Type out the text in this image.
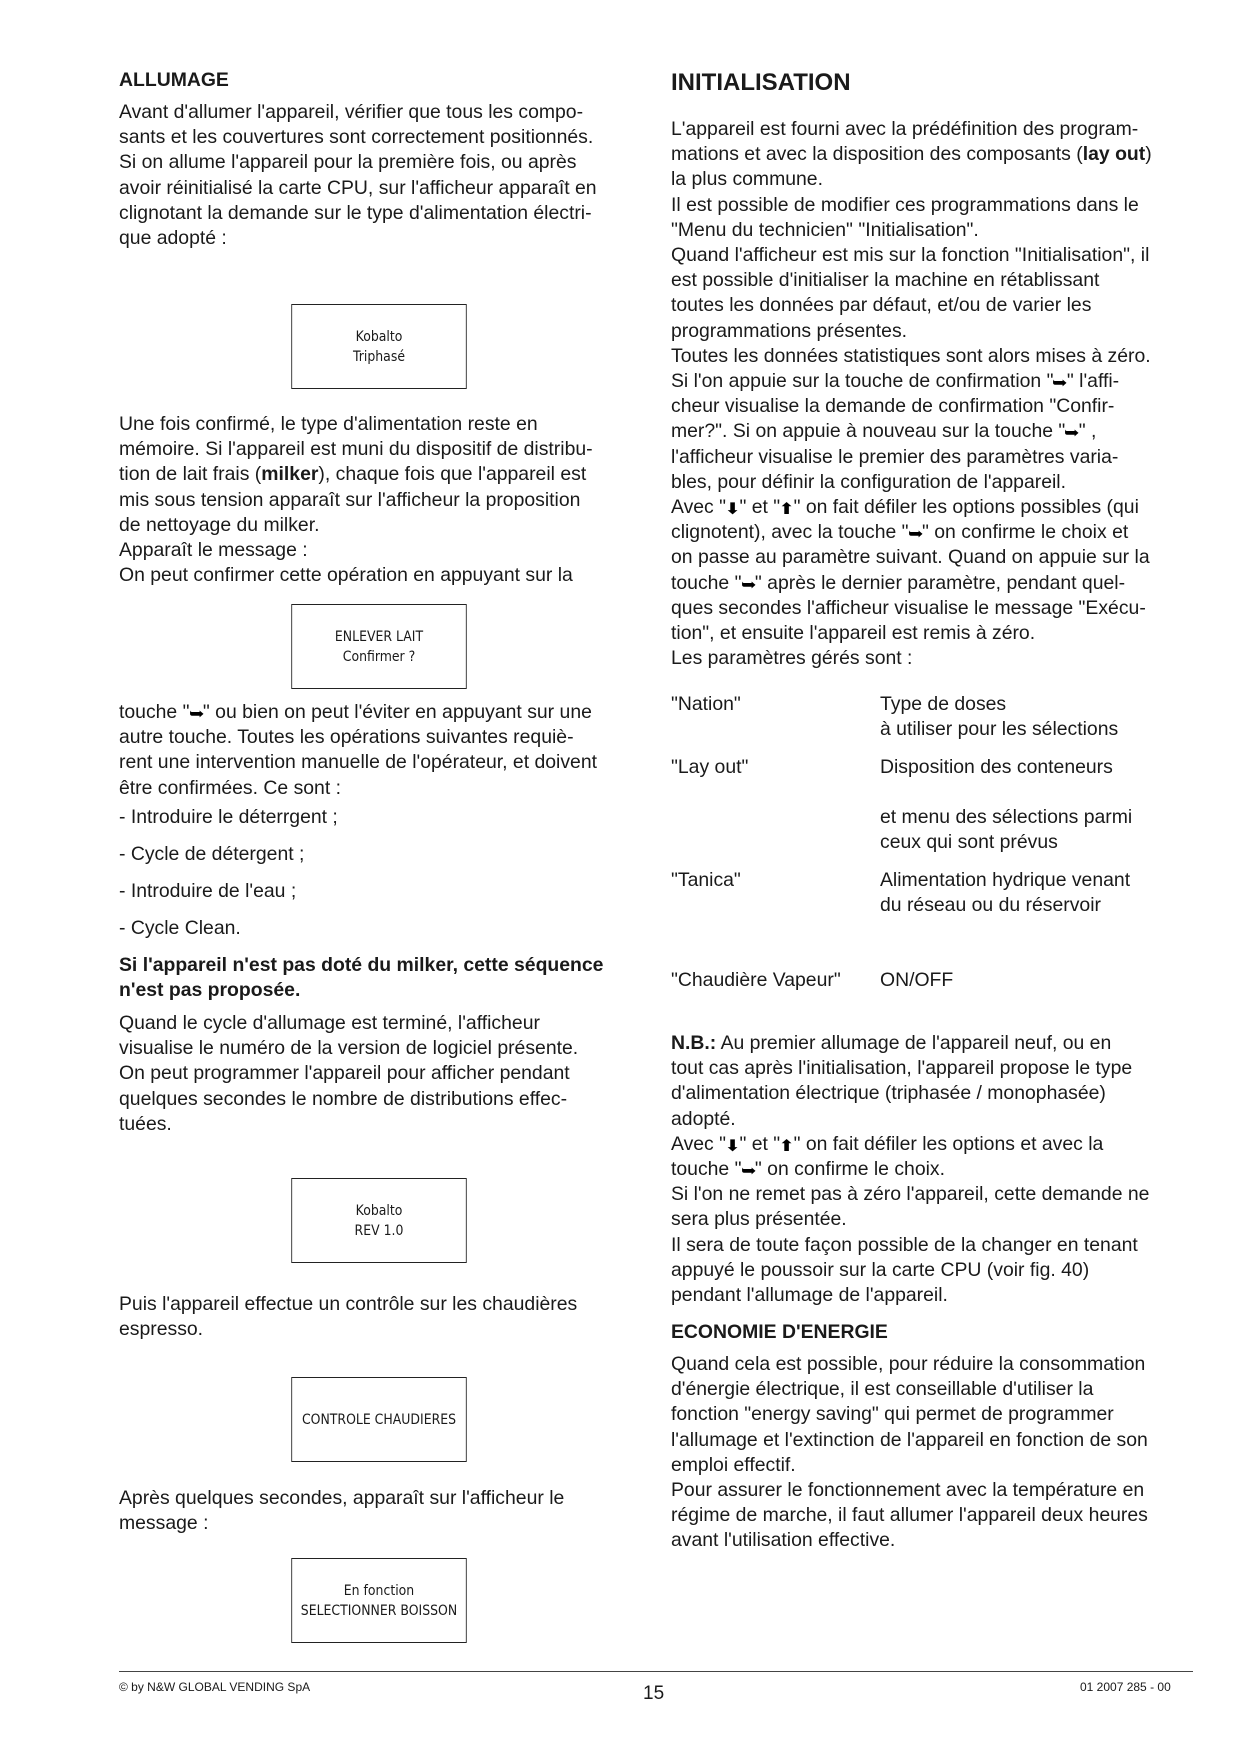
ALLUMAGE

Avant d'allumer l'appareil, vérifier que tous les compo-

sants et les couvertures sont correctement positionnés.

Si on allume l'appareil pour la première fois, ou après

avoir réinitialisé la carte CPU, sur l'afficheur apparaît en

clignotant la demande sur le type d'alimentation électri-

que adopté :

Kobalto
Triphasé

Une fois confirmé, le type d'alimentation reste en

mémoire. Si l'appareil est muni du dispositif de distribu-

tion de lait frais (milker), chaque fois que l'appareil est

mis sous tension apparaît sur l'afficheur la proposition

de nettoyage du milker.

Apparaît le message :

On peut confirmer cette opération en appuyant sur la

ENLEVER LAIT
Confirmer ?

touche "➥" ou bien on peut l'éviter en appuyant sur une

autre touche. Toutes les opérations suivantes requiè-

rent une intervention manuelle de l'opérateur, et doivent

être confirmées. Ce sont :

- Introduire le déterrgent ;

- Cycle de détergent ;

- Introduire de l'eau ;

- Cycle Clean.

Si l'appareil n'est pas doté du milker, cette séquence

n'est pas proposée.

Quand le cycle d'allumage est terminé, l'afficheur

visualise le numéro de la version de logiciel présente.

On peut programmer l'appareil pour afficher pendant

quelques secondes le nombre de distributions effec-

tuées.

Kobalto
REV 1.0

Puis l'appareil effectue un contrôle sur les chaudières

espresso.

CONTROLE CHAUDIERES

Après quelques secondes, apparaît sur l'afficheur le

message :

En fonction
SELECTIONNER BOISSON

INITIALISATION

L'appareil est fourni avec la prédéfinition des program-

mations et avec la disposition des composants (lay out)

la plus commune.

Il est possible de modifier ces programmations dans le

"Menu du technicien" "Initialisation".

Quand l'afficheur est mis sur la fonction "Initialisation", il

est possible d'initialiser la machine en rétablissant

toutes les données par défaut, et/ou de varier les

programmations présentes.

Toutes les données statistiques sont alors mises à zéro.

Si l'on appuie sur la touche de confirmation "➥" l'affi-

cheur visualise la demande de confirmation "Confir-

mer?". Si on appuie à nouveau sur la touche "➥" ,

l'afficheur visualise le premier des paramètres varia-

bles, pour définir la configuration de l'appareil.

Avec "⬇" et "⬆" on fait défiler les options possibles (qui

clignotent), avec la touche "➥" on confirme le choix et

on passe au paramètre suivant. Quand on appuie sur la

touche "➥" après le dernier paramètre, pendant quel-

ques secondes l'afficheur visualise le message "Exécu-

tion", et ensuite l'appareil est remis à zéro.

Les paramètres gérés sont :

"Nation"	Type de doses

à utiliser pour les sélections

"Lay out"	Disposition des conteneurs

et menu des sélections parmi

ceux qui sont prévus

"Tanica"	Alimentation hydrique venant

du réseau ou du réservoir

"Chaudière Vapeur" ON/OFF

N.B.: Au premier allumage de l'appareil neuf, ou en

tout cas après l'initialisation, l'appareil propose le type

d'alimentation électrique (triphasée / monophasée)

adopté.

Avec "⬇" et "⬆" on fait défiler les options et avec la

touche "➥" on confirme le choix.

Si l'on ne remet pas à zéro l'appareil, cette demande ne

sera plus présentée.

Il sera de toute façon possible de la changer en tenant

appuyé le poussoir sur la carte CPU (voir fig. 40)

pendant l'allumage de l'appareil.

ECONOMIE D'ENERGIE

Quand cela est possible, pour réduire la consommation

d'énergie électrique, il est conseillable d'utiliser la

fonction "energy saving" qui permet de programmer

l'allumage et l'extinction de l'appareil en fonction de son

emploi effectif.

Pour assurer le fonctionnement avec la température en

régime de marche, il faut allumer l'appareil deux heures

avant l'utilisation effective.

© by N&W GLOBAL VENDING SpA	15	01 2007 285 - 00
